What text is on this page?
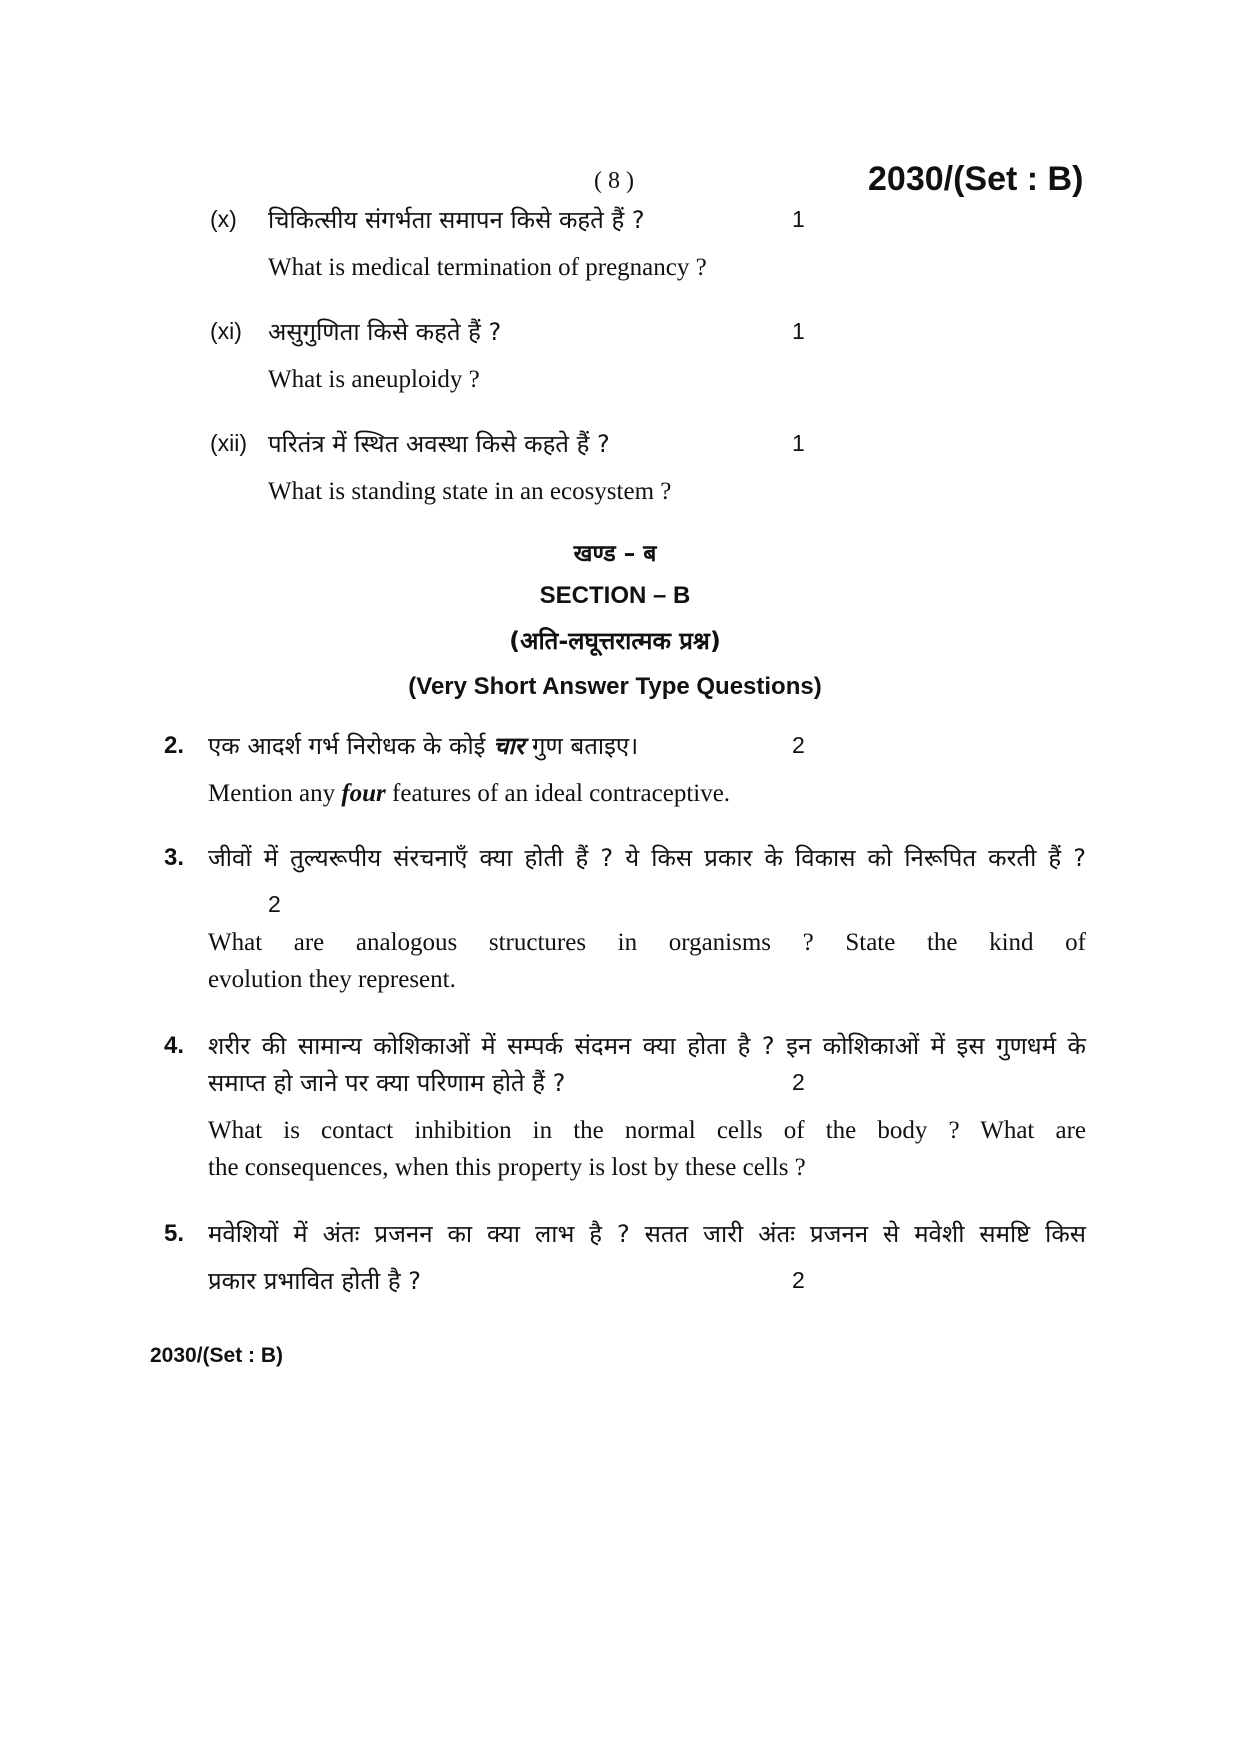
( 8 )	2030/(Set : B)
(x) चिकित्सीय संगर्भता समापन किसे कहते हैं ?	1
What is medical termination of pregnancy ?
(xi) असुगुणिता किसे कहते हैं ?	1
What is aneuploidy ?
(xii) परितंत्र में स्थित अवस्था किसे कहते हैं ?	1
What is standing state in an ecosystem ?
खण्ड – ब
SECTION – B
(अति-लघूत्तरात्मक प्रश्न)
(Very Short Answer Type Questions)
2. एक आदर्श गर्भ निरोधक के कोई चार गुण बताइए।	2
Mention any four features of an ideal contraceptive.
3. जीवों में तुल्यरूपीय संरचनाएँ क्या होती हैं ? ये किस प्रकार के विकास को निरूपित करती हैं ?
2
What are analogous structures in organisms ? State the kind of
evolution they represent.
4. शरीर की सामान्य कोशिकाओं में सम्पर्क संदमन क्या होता है ? इन कोशिकाओं में इस गुणधर्म के
समाप्त हो जाने पर क्या परिणाम होते हैं ?	2
What is contact inhibition in the normal cells of the body ? What are
the consequences, when this property is lost by these cells ?
5. मवेशियों में अंतः प्रजनन का क्या लाभ है ? सतत जारी अंतः प्रजनन से मवेशी समष्टि किस
प्रकार प्रभावित होती है ?	2
2030/(Set : B)
